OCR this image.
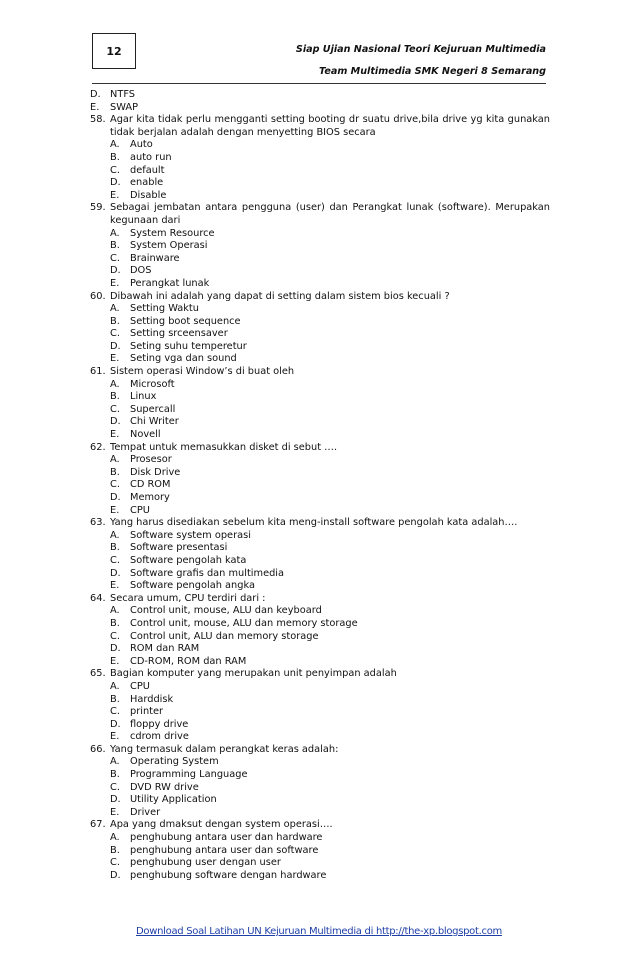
12	Siap Ujian Nasional Teori Kejuruan Multimedia
Team Multimedia SMK Negeri 8 Semarang
D. NTFS
E. SWAP
58. Agar kita tidak perlu mengganti setting booting dr suatu drive,bila drive yg kita gunakan tidak berjalan adalah dengan menyetting BIOS secara
A. Auto
B. auto run
C. default
D. enable
E. Disable
59. Sebagai jembatan antara pengguna (user) dan Perangkat lunak (software). Merupakan kegunaan dari
A. System Resource
B. System Operasi
C. Brainware
D. DOS
E. Perangkat lunak
60. Dibawah ini adalah yang dapat di setting dalam sistem bios kecuali ?
A. Setting Waktu
B. Setting boot sequence
C. Setting srceensaver
D. Seting suhu temperetur
E. Seting vga dan sound
61. Sistem operasi Window’s di buat oleh
A. Microsoft
B. Linux
C. Supercall
D. Chi Writer
E. Novell
62. Tempat untuk memasukkan disket di sebut ….
A. Prosesor
B. Disk Drive
C. CD ROM
D. Memory
E. CPU
63. Yang harus disediakan sebelum kita meng-install software pengolah kata adalah….
A. Software system operasi
B. Software presentasi
C. Software pengolah kata
D. Software grafis dan multimedia
E. Software pengolah angka
64. Secara umum, CPU terdiri dari :
A. Control unit, mouse, ALU dan keyboard
B. Control unit, mouse, ALU dan memory storage
C. Control unit, ALU dan memory storage
D. ROM dan RAM
E. CD-ROM, ROM dan RAM
65. Bagian komputer yang merupakan unit penyimpan adalah
A. CPU
B. Harddisk
C. printer
D. floppy drive
E. cdrom drive
66. Yang termasuk dalam perangkat keras adalah:
A. Operating System
B. Programming Language
C. DVD RW drive
D. Utility Application
E. Driver
67. Apa yang dmaksut dengan system operasi….
A. penghubung antara user dan hardware
B. penghubung antara user dan software
C. penghubung user dengan user
D. penghubung software dengan hardware
Download Soal Latihan UN Kejuruan Multimedia di http://the-xp.blogspot.com
